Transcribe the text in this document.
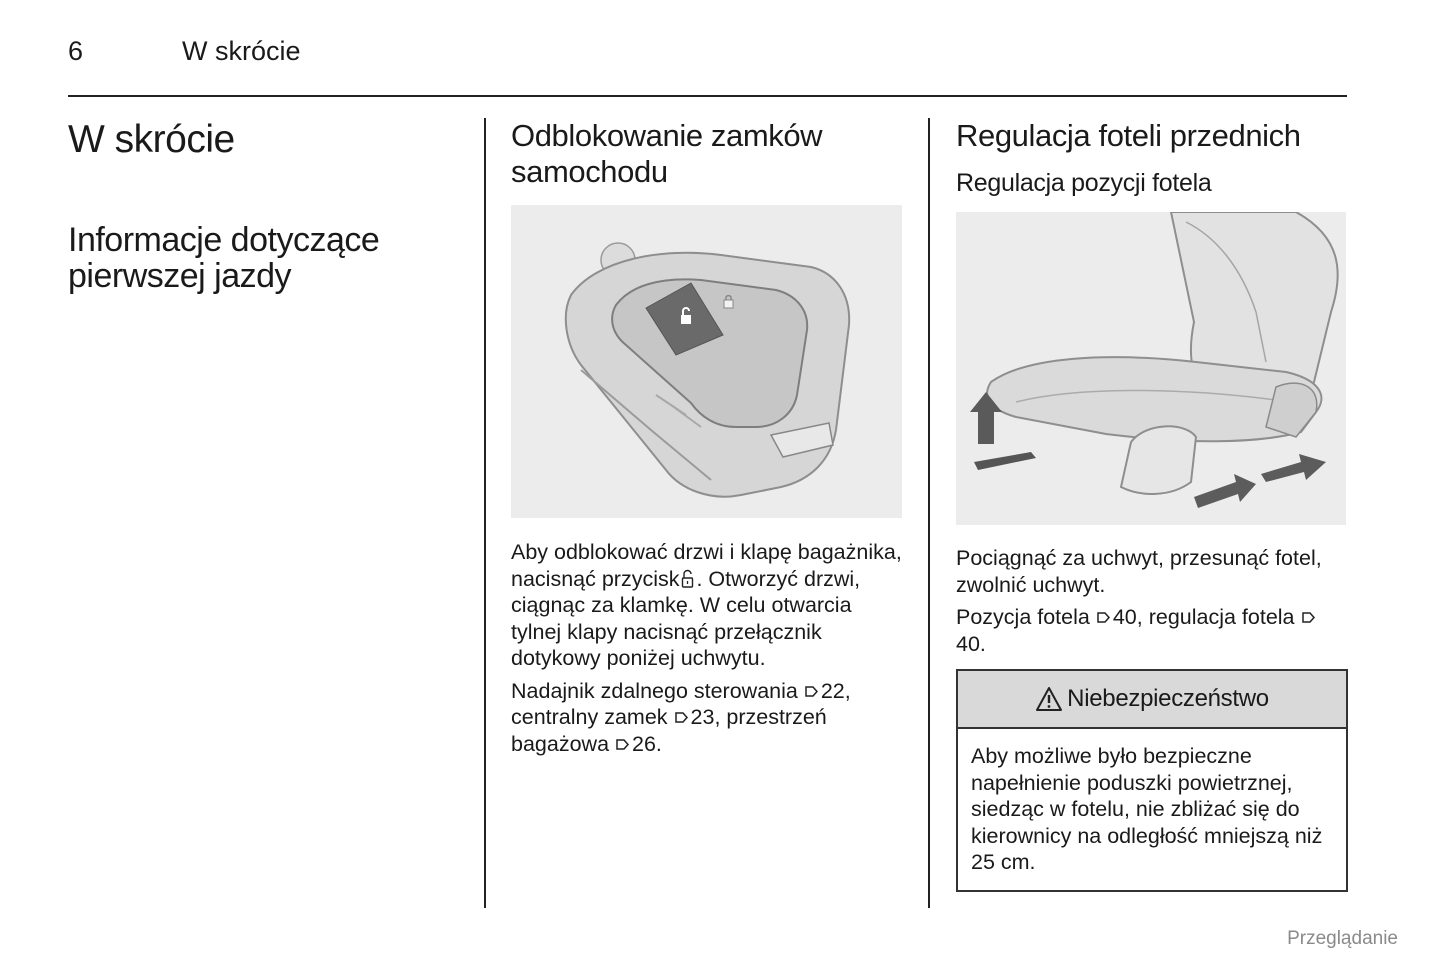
6	W skrócie
W skrócie
Informacje dotyczące pierwszej jazdy
Odblokowanie zamków samochodu

Aby odblokować drzwi i klapę bagażnika, nacisnąć przycisk . Otworzyć drzwi, ciągnąc za klamkę. W celu otwarcia tylnej klapy nacisnąć przełącznik dotykowy poniżej uchwytu.

Nadajnik zdalnego sterowania 22, centralny zamek 23, przestrzeń bagażowa 26.

Regulacja foteli przednich
Regulacja pozycji fotela

Pociągnąć za uchwyt, przesunąć fotel, zwolnić uchwyt.

Pozycja fotela 40, regulacja fotela 40.

Niebezpieczeństwo
Aby możliwe było bezpieczne napełnienie poduszki powietrznej, siedząc w fotelu, nie zbliżać się do kierownicy na odległość mniejszą niż 25 cm.
Przeglądanie
